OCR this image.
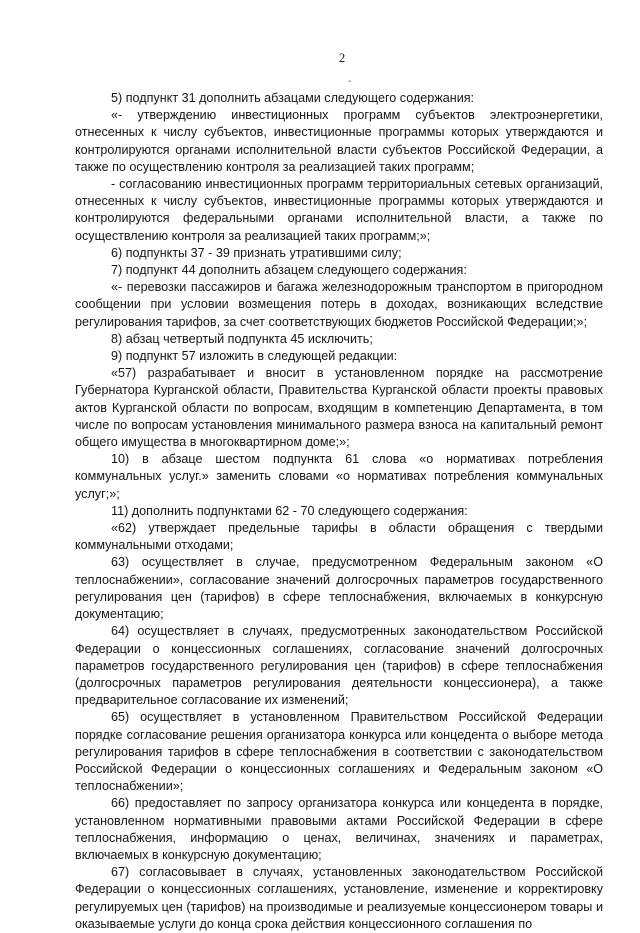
2
-

5) подпункт 31 дополнить абзацами следующего содержания:

«- утверждению инвестиционных программ субъектов электроэнергетики, отнесенных к числу субъектов, инвестиционные программы которых утверждаются и контролируются органами исполнительной власти субъектов Российской Федерации, а также по осуществлению контроля за реализацией таких программ;

- согласованию инвестиционных программ территориальных сетевых организаций, отнесенных к числу субъектов, инвестиционные программы которых утверждаются и контролируются федеральными органами исполнительной власти, а также по осуществлению контроля за реализацией таких программ;»;

6) подпункты 37 - 39 признать утратившими силу;

7) подпункт 44 дополнить абзацем следующего содержания:

«- перевозки пассажиров и багажа железнодорожным транспортом в пригородном сообщении при условии возмещения потерь в доходах, возникающих вследствие регулирования тарифов, за счет соответствующих бюджетов Российской Федерации;»;

8) абзац четвертый подпункта 45 исключить;

9) подпункт 57 изложить в следующей редакции:

«57) разрабатывает и вносит в установленном порядке на рассмотрение Губернатора Курганской области, Правительства Курганской области проекты правовых актов Курганской области по вопросам, входящим в компетенцию Департамента, в том числе по вопросам установления минимального размера взноса на капитальный ремонт общего имущества в многоквартирном доме;»;

10) в абзаце шестом подпункта 61 слова «о нормативах потребления коммунальных услуг.» заменить словами «о нормативах потребления коммунальных услуг;»;

11) дополнить подпунктами 62 - 70 следующего содержания:

«62) утверждает предельные тарифы в области обращения с твердыми коммунальными отходами;

63) осуществляет в случае, предусмотренном Федеральным законом «О теплоснабжении», согласование значений долгосрочных параметров государственного регулирования цен (тарифов) в сфере теплоснабжения, включаемых в конкурсную документацию;

64) осуществляет в случаях, предусмотренных законодательством Российской Федерации о концессионных соглашениях, согласование значений долгосрочных параметров государственного регулирования цен (тарифов) в сфере теплоснабжения (долгосрочных параметров регулирования деятельности концессионера), а также предварительное согласование их изменений;

65) осуществляет в установленном Правительством Российской Федерации порядке согласование решения организатора конкурса или концедента о выборе метода регулирования тарифов в сфере теплоснабжения в соответствии с законодательством Российской Федерации о концессионных соглашениях и Федеральным законом «О теплоснабжении»;

66) предоставляет по запросу организатора конкурса или концедента в порядке, установленном нормативными правовыми актами Российской Федерации в сфере теплоснабжения, информацию о ценах, величинах, значениях и параметрах, включаемых в конкурсную документацию;

67) согласовывает в случаях, установленных законодательством Российской Федерации о концессионных соглашениях, установление, изменение и корректировку регулируемых цен (тарифов) на производимые и реализуемые концессионером товары и оказываемые услуги до конца срока действия концессионного соглашения по
